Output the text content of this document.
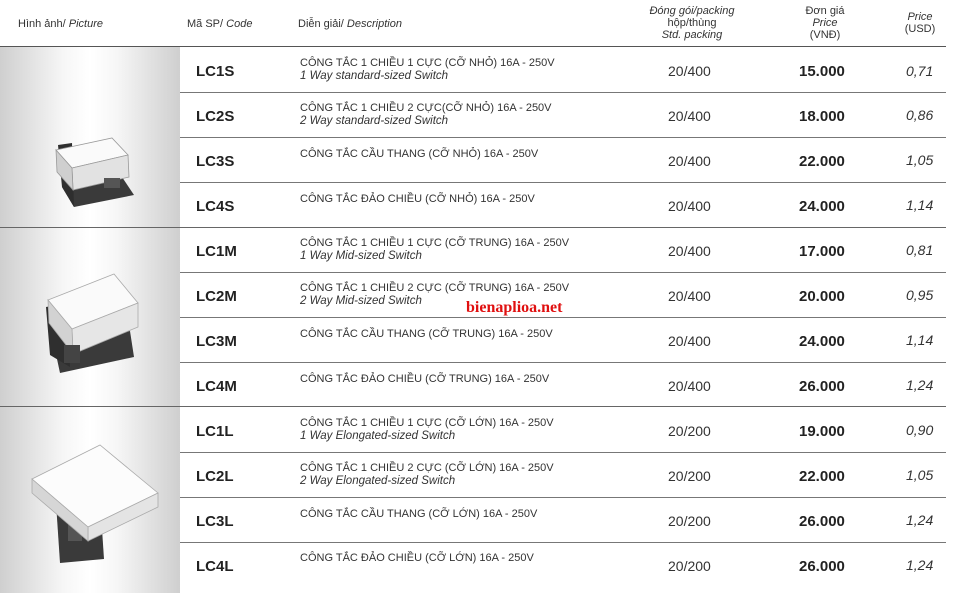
Hình ảnh/ Picture	Mã SP/ Code	Diễn giải/ Description
Đóng gói/packing
hộp/thùng
Std. packing
Đơn giá
Price
(VNĐ)
Price
(USD)
LC1S	CÔNG TẮC 1 CHIỀU 1 CỰC (CỠ NHỎ) 16A - 250V
1 Way standard-sized Switch	20/400	15.000	0,71
LC2S	CÔNG TẮC 1 CHIỀU 2 CỰC(CỠ NHỎ) 16A - 250V
2 Way standard-sized Switch	20/400	18.000	0,86
LC3S	CÔNG TẮC CẦU THANG (CỠ NHỎ) 16A - 250V	20/400	22.000	1,05
LC4S	CÔNG TẮC ĐẢO CHIỀU (CỠ NHỎ) 16A - 250V	20/400	24.000	1,14
LC1M	CÔNG TẮC 1 CHIỀU 1 CỰC (CỠ TRUNG) 16A - 250V
1 Way Mid-sized Switch	20/400	17.000	0,81
LC2M	CÔNG TẮC 1 CHIỀU 2 CỰC (CỠ TRUNG) 16A - 250V
2 Way Mid-sized Switch	20/400	20.000	0,95
LC3M	CÔNG TẮC CẦU THANG (CỠ TRUNG) 16A - 250V	20/400	24.000	1,14
LC4M	CÔNG TẮC ĐẢO CHIỀU (CỠ TRUNG) 16A - 250V	20/400	26.000	1,24
LC1L	CÔNG TẮC 1 CHIỀU 1 CỰC (CỠ LỚN) 16A - 250V
1 Way Elongated-sized Switch	20/200	19.000	0,90
LC2L	CÔNG TẮC 1 CHIỀU 2 CỰC (CỠ LỚN) 16A - 250V
2 Way Elongated-sized Switch	20/200	22.000	1,05
LC3L	CÔNG TẮC CẦU THANG (CỠ LỚN) 16A - 250V	20/200	26.000	1,24
LC4L	CÔNG TẮC ĐẢO CHIỀU (CỠ LỚN) 16A - 250V	20/200	26.000	1,24
bienaplioa.net
